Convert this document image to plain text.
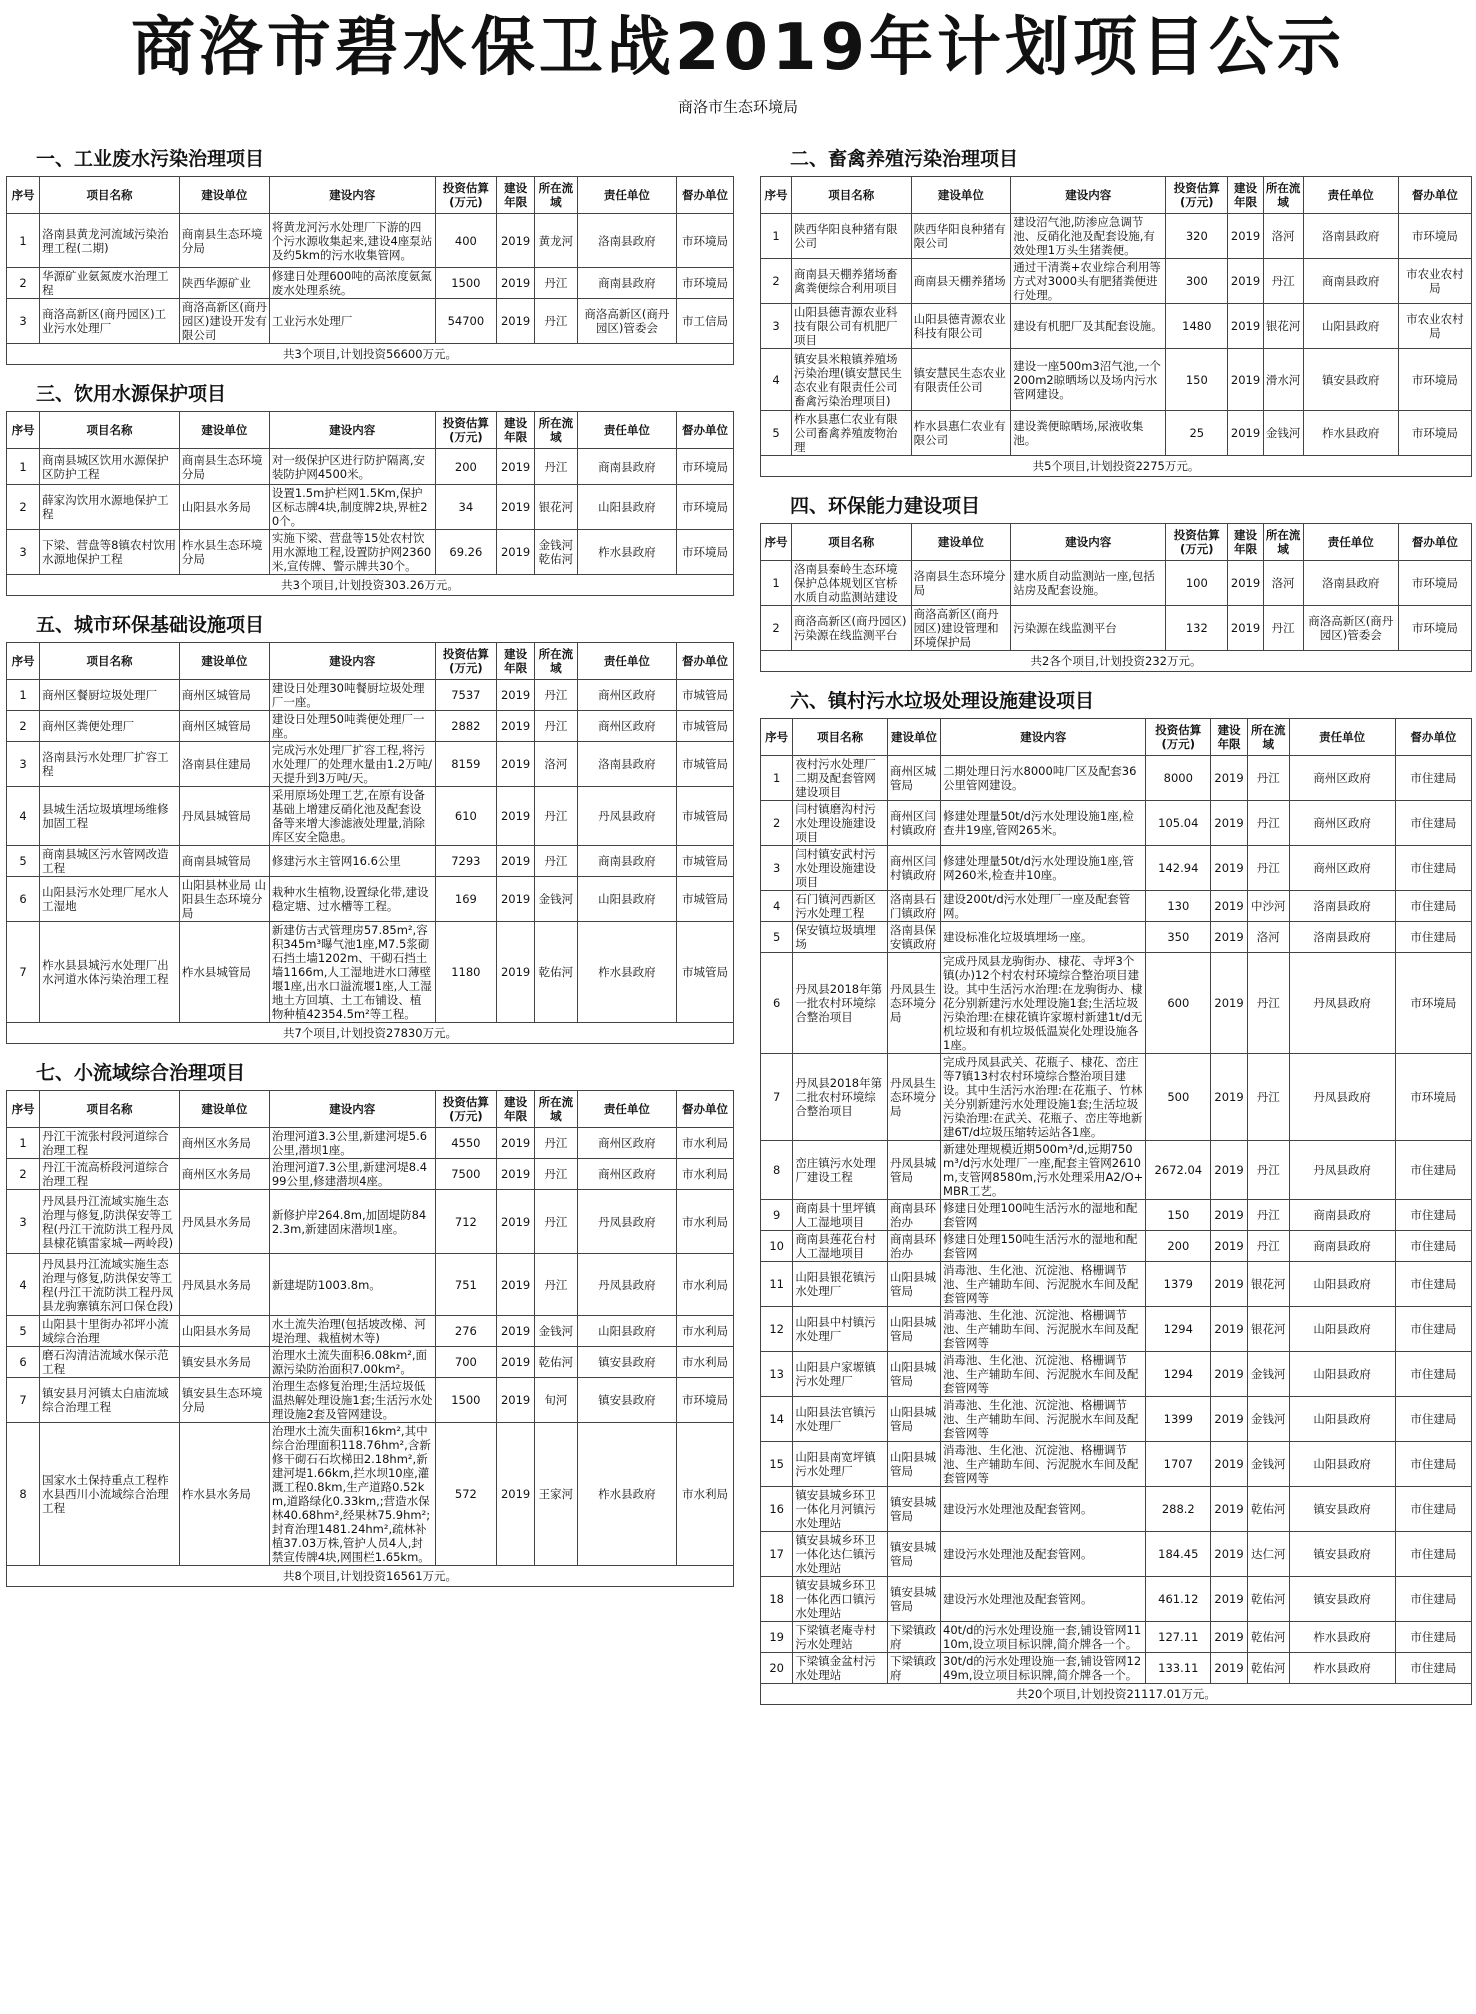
商洛市碧水保卫战2019年计划项目公示
商洛市生态环境局
一、工业废水污染治理项目
序号	项目名称	建设单位	建设内容	投资估算(万元)	建设年限	所在流域	责任单位	督办单位
1	洛南县黄龙河流域污染治理工程(二期)	商南县生态环境分局	将黄龙河污水处理厂下游的四个污水源收集起来,建设4座泵站及约5km的污水收集管网。	400	2019	黄龙河	洛南县政府	市环境局
2	华源矿业氨氮废水治理工程	陕西华源矿业	修建日处理600吨的高浓度氨氮废水处理系统。	1500	2019	丹江	商南县政府	市环境局
3	商洛高新区(商丹园区)工业污水处理厂	商洛高新区(商丹园区)建设开发有限公司	工业污水处理厂	54700	2019	丹江	商洛高新区(商丹园区)管委会	市工信局
共3个项目,计划投资56600万元。								
三、饮用水源保护项目
序号	项目名称	建设单位	建设内容	投资估算(万元)	建设年限	所在流域	责任单位	督办单位
1	商南县城区饮用水源保护区防护工程	商南县生态环境分局	对一级保护区进行防护隔离,安装防护网4500米。	200	2019	丹江	商南县政府	市环境局
2	薛家沟饮用水源地保护工程	山阳县水务局	设置1.5m护栏网1.5Km,保护区标志牌4块,制度牌2块,界桩20个。	34	2019	银花河	山阳县政府	市环境局
3	下梁、营盘等8镇农村饮用水源地保护工程	柞水县生态环境分局	实施下梁、营盘等15处农村饮用水源地工程,设置防护网2360米,宣传牌、警示牌共30个。	69.26	2019	金钱河 乾佑河	柞水县政府	市环境局
共3个项目,计划投资303.26万元。								
五、城市环保基础设施项目
序号	项目名称	建设单位	建设内容	投资估算(万元)	建设年限	所在流域	责任单位	督办单位
1	商州区餐厨垃圾处理厂	商州区城管局	建设日处理30吨餐厨垃圾处理厂一座。	7537	2019	丹江	商州区政府	市城管局
2	商州区粪便处理厂	商州区城管局	建设日处理50吨粪便处理厂一座。	2882	2019	丹江	商州区政府	市城管局
3	洛南县污水处理厂扩容工程	洛南县住建局	完成污水处理厂扩容工程,将污水处理厂的处理水量由1.2万吨/天提升到3万吨/天。	8159	2019	洛河	洛南县政府	市城管局
4	县城生活垃圾填埋场维修加固工程	丹凤县城管局	采用原场处理工艺,在原有设备基础上增建反硝化池及配套设备等来增大渗滤液处理量,消除库区安全隐患。	610	2019	丹江	丹凤县政府	市城管局
5	商南县城区污水管网改造工程	商南县城管局	修建污水主管网16.6公里	7293	2019	丹江	商南县政府	市城管局
6	山阳县污水处理厂尾水人工湿地	山阳县林业局 山阳县生态环境分局	栽种水生植物,设置绿化带,建设稳定塘、过水槽等工程。	169	2019	金钱河	山阳县政府	市城管局
7	柞水县县城污水处理厂出水河道水体污染治理工程	柞水县城管局	新建仿古式管理房57.85m²,容积345m³曝气池1座,M7.5浆砌石挡土墙1202m、干砌石挡土墙1166m,人工湿地进水口薄壁堰1座,出水口溢流堰1座,人工湿地土方回填、土工布铺设、植物种植42354.5m²等工程。	1180	2019	乾佑河	柞水县政府	市城管局
共7个项目,计划投资27830万元。								
七、小流域综合治理项目
序号	项目名称	建设单位	建设内容	投资估算(万元)	建设年限	所在流域	责任单位	督办单位
1	丹江干流张村段河道综合治理工程	商州区水务局	治理河道3.3公里,新建河堤5.6公里,潜坝1座。	4550	2019	丹江	商州区政府	市水利局
2	丹江干流高桥段河道综合治理工程	商州区水务局	治理河道7.3公里,新建河堤8.499公里,修建潜坝4座。	7500	2019	丹江	商州区政府	市水利局
3	丹凤县丹江流域实施生态治理与修复,防洪保安等工程(丹江干流防洪工程丹凤县棣花镇雷家城—两岭段)	丹凤县水务局	新修护岸264.8m,加固堤防842.3m,新建固床潜坝1座。	712	2019	丹江	丹凤县政府	市水利局
4	丹凤县丹江流域实施生态治理与修复,防洪保安等工程(丹江干流防洪工程丹凤县龙驹寨镇东河口保仓段)	丹凤县水务局	新建堤防1003.8m。	751	2019	丹江	丹凤县政府	市水利局
5	山阳县十里街办祁坪小流域综合治理	山阳县水务局	水土流失治理(包括坡改梯、河堤治理、栽植树木等)	276	2019	金钱河	山阳县政府	市水利局
6	磨石沟清洁流域水保示范工程	镇安县水务局	治理水土流失面积6.08km²,面源污染防治面积7.00km²。	700	2019	乾佑河	镇安县政府	市水利局
7	镇安县月河镇太白庙流域综合治理工程	镇安县生态环境分局	治理生态修复治理;生活垃圾低温热解处理设施1套;生活污水处理设施2套及管网建设。	1500	2019	旬河	镇安县政府	市环境局
8	国家水土保持重点工程柞水县西川小流域综合治理工程	柞水县水务局	治理水土流失面积16km²,其中综合治理面积118.76hm²,含新修干砌石石坎梯田2.18hm²,新建河堤1.66km,拦水坝10座,灌溉工程0.8km,生产道路0.52km,道路绿化0.33km,;营造水保林40.68hm²,经果林75.9hm²;封育治理1481.24hm²,疏林补植37.03万株,管护人员4人,封禁宣传牌4块,网围栏1.65km。	572	2019	王家河	柞水县政府	市水利局
共8个项目,计划投资16561万元。								
二、畜禽养殖污染治理项目
序号	项目名称	建设单位	建设内容	投资估算(万元)	建设年限	所在流域	责任单位	督办单位
1	陕西华阳良种猪有限公司	陕西华阳良种猪有限公司	建设沼气池,防渗应急调节池、反硝化池及配套设施,有效处理1万头生猪粪便。	320	2019	洛河	洛南县政府	市环境局
2	商南县天棚养猪场畜禽粪便综合利用项目	商南县天棚养猪场	通过干清粪+农业综合利用等方式对3000头有肥猪粪便进行处理。	300	2019	丹江	商南县政府	市农业农村局
3	山阳县德青源农业科技有限公司有机肥厂项目	山阳县德青源农业科技有限公司	建设有机肥厂及其配套设施。	1480	2019	银花河	山阳县政府	市农业农村局
4	镇安县米粮镇养殖场污染治理(镇安慧民生态农业有限责任公司畜禽污染治理项目)	镇安慧民生态农业有限责任公司	建设一座500m3沼气池,一个200m2晾晒场以及场内污水管网建设。	150	2019	滑水河	镇安县政府	市环境局
5	柞水县惠仁农业有限公司畜禽养殖废物治理	柞水县惠仁农业有限公司	建设粪便晾晒场,尿液收集池。	25	2019	金钱河	柞水县政府	市环境局
共5个项目,计划投资2275万元。								
四、环保能力建设项目
序号	项目名称	建设单位	建设内容	投资估算(万元)	建设年限	所在流域	责任单位	督办单位
1	洛南县秦岭生态环境保护总体规划区官桥水质自动监测站建设	洛南县生态环境分局	建水质自动监测站一座,包括站房及配套设施。	100	2019	洛河	洛南县政府	市环境局
2	商洛高新区(商丹园区)污染源在线监测平台	商洛高新区(商丹园区)建设管理和环境保护局	污染源在线监测平台	132	2019	丹江	商洛高新区(商丹园区)管委会	市环境局
共2各个项目,计划投资232万元。								
六、镇村污水垃圾处理设施建设项目
序号	项目名称	建设单位	建设内容	投资估算(万元)	建设年限	所在流域	责任单位	督办单位
1	夜村污水处理厂二期及配套管网建设项目	商州区城管局	二期处理日污水8000吨厂区及配套36公里管网建设。	8000	2019	丹江	商州区政府	市住建局
2	闫村镇磨沟村污水处理设施建设项目	商州区闫村镇政府	修建处理量50t/d污水处理设施1座,检查井19座,管网265米。	105.04	2019	丹江	商州区政府	市住建局
3	闫村镇安武村污水处理设施建设项目	商州区闫村镇政府	修建处理量50t/d污水处理设施1座,管网260米,检查井10座。	142.94	2019	丹江	商州区政府	市住建局
4	石门镇河西新区污水处理工程	洛南县石门镇政府	建设200t/d污水处理厂一座及配套管网。	130	2019	中沙河	洛南县政府	市住建局
5	保安镇垃圾填埋场	洛南县保安镇政府	建设标准化垃圾填埋场一座。	350	2019	洛河	洛南县政府	市住建局
6	丹凤县2018年第一批农村环境综合整治项目	丹凤县生态环境分局	完成丹凤县龙驹街办、棣花、寺坪3个镇(办)12个村农村环境综合整治项目建设。其中生活污水治理:在龙驹街办、棣花分别新建污水处理设施1套;生活垃圾污染治理:在棣花镇许家塬村新建1t/d无机垃圾和有机垃圾低温炭化处理设施各1座。	600	2019	丹江	丹凤县政府	市环境局
7	丹凤县2018年第二批农村环境综合整治项目	丹凤县生态环境分局	完成丹凤县武关、花瓶子、棣花、峦庄等7镇13村农村环境综合整治项目建设。其中生活污水治理:在花瓶子、竹林关分别新建污水处理设施1套;生活垃圾污染治理:在武关、花瓶子、峦庄等地新建6T/d垃圾压缩转运站各1座。	500	2019	丹江	丹凤县政府	市环境局
8	峦庄镇污水处理厂建设工程	丹凤县城管局	新建处理规模近期500m³/d,远期750m³/d污水处理厂一座,配套主管网2610m,支管网8580m,污水处理采用A2/O+MBR工艺。	2672.04	2019	丹江	丹凤县政府	市住建局
9	商南县十里坪镇人工湿地项目	商南县环治办	修建日处理100吨生活污水的湿地和配套管网	150	2019	丹江	商南县政府	市住建局
10	商南县莲花台村人工湿地项目	商南县环治办	修建日处理150吨生活污水的湿地和配套管网	200	2019	丹江	商南县政府	市住建局
11	山阳县银花镇污水处理厂	山阳县城管局	消毒池、生化池、沉淀池、格栅调节池、生产辅助车间、污泥脱水车间及配套管网等	1379	2019	银花河	山阳县政府	市住建局
12	山阳县中村镇污水处理厂	山阳县城管局	消毒池、生化池、沉淀池、格栅调节池、生产辅助车间、污泥脱水车间及配套管网等	1294	2019	银花河	山阳县政府	市住建局
13	山阳县户家塬镇污水处理厂	山阳县城管局	消毒池、生化池、沉淀池、格栅调节池、生产辅助车间、污泥脱水车间及配套管网等	1294	2019	金钱河	山阳县政府	市住建局
14	山阳县法官镇污水处理厂	山阳县城管局	消毒池、生化池、沉淀池、格栅调节池、生产辅助车间、污泥脱水车间及配套管网等	1399	2019	金钱河	山阳县政府	市住建局
15	山阳县南宽坪镇污水处理厂	山阳县城管局	消毒池、生化池、沉淀池、格栅调节池、生产辅助车间、污泥脱水车间及配套管网等	1707	2019	金钱河	山阳县政府	市住建局
16	镇安县城乡环卫一体化月河镇污水处理站	镇安县城管局	建设污水处理池及配套管网。	288.2	2019	乾佑河	镇安县政府	市住建局
17	镇安县城乡环卫一体化达仁镇污水处理站	镇安县城管局	建设污水处理池及配套管网。	184.45	2019	达仁河	镇安县政府	市住建局
18	镇安县城乡环卫一体化西口镇污水处理站	镇安县城管局	建设污水处理池及配套管网。	461.12	2019	乾佑河	镇安县政府	市住建局
19	下梁镇老庵寺村污水处理站	下梁镇政府	40t/d的污水处理设施一套,铺设管网1110m,设立项目标识牌,简介牌各一个。	127.11	2019	乾佑河	柞水县政府	市住建局
20	下梁镇金盆村污水处理站	下梁镇政府	30t/d的污水处理设施一套,铺设管网1249m,设立项目标识牌,简介牌各一个。	133.11	2019	乾佑河	柞水县政府	市住建局
共20个项目,计划投资21117.01万元。								
